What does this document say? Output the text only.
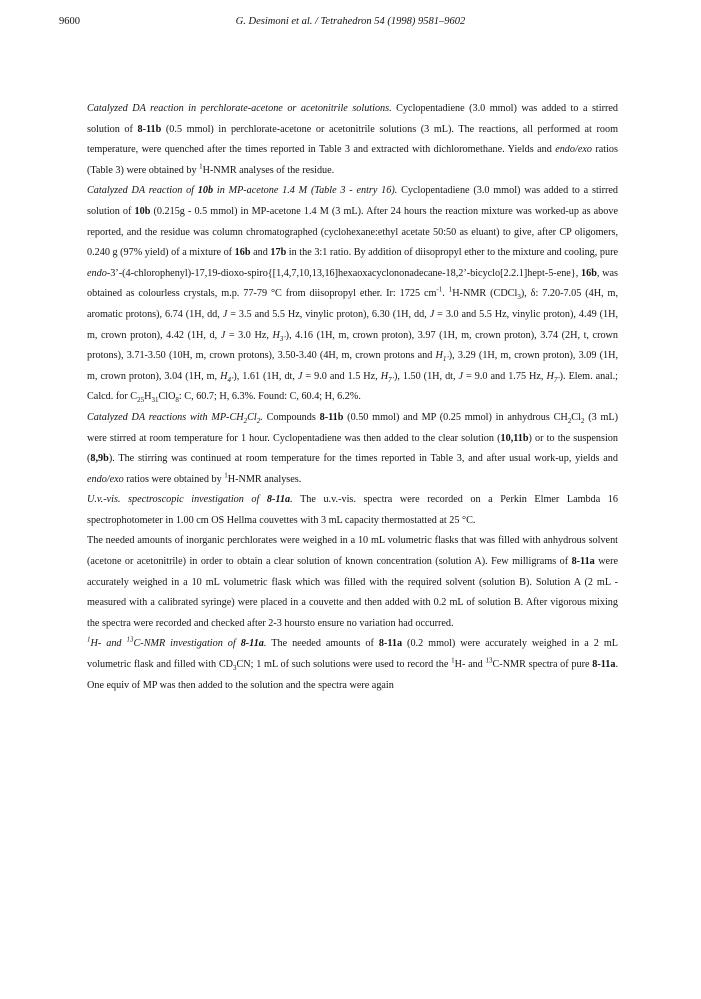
9600	G. Desimoni et al. / Tetrahedron 54 (1998) 9581–9602

Catalyzed DA reaction in perchlorate-acetone or acetonitrile solutions. Cyclopentadiene (3.0 mmol) was added to a stirred solution of 8-11b (0.5 mmol) in perchlorate-acetone or acetonitrile solutions (3 mL). The reactions, all performed at room temperature, were quenched after the times reported in Table 3 and extracted with dichloromethane. Yields and endo/exo ratios (Table 3) were obtained by $^1$H-NMR analyses of the residue.

Catalyzed DA reaction of 10b in MP-acetone 1.4 M (Table 3 - entry 16). Cyclopentadiene (3.0 mmol) was added to a stirred solution of 10b (0.215g - 0.5 mmol) in MP-acetone 1.4 M (3 mL). After 24 hours the reaction mixture was worked-up as above reported, and the residue was column chromatographed (cyclohexane:ethyl acetate 50:50 as eluant) to give, after CP oligomers, 0.240 g (97% yield) of a mixture of 16b and 17b in the 3:1 ratio. By addition of diisopropyl ether to the mixture and cooling, pure endo-3’-(4-chlorophenyl)-17,19-dioxo-spiro{[1,4,7,10,13,16]hexaoxacyclononadecane-18,2’-bicyclo[2.2.1]hept-5-ene}, 16b, was obtained as colourless crystals, m.p. 77-79 °C from diisopropyl ether. Ir: 1725 $cm^{-1}$. $^1$H-NMR (CDCl$_3$), δ: 7.20-7.05 (4H, m, aromatic protons), 6.74 (1H, dd, J = 3.5 and 5.5 Hz, vinylic proton), 6.30 (1H, dd, J = 3.0 and 5.5 Hz, vinylic proton), 4.49 (1H, m, crown proton), 4.42 (1H, d, J = 3.0 Hz, $H_{3’}$), 4.16 (1H, m, crown proton), 3.97 (1H, m, crown proton), 3.74 (2H, t, crown protons), 3.71-3.50 (10H, m, crown protons), 3.50-3.40 (4H, m, crown protons and $H_{1’}$), 3.29 (1H, m, crown proton), 3.09 (1H, m, crown proton), 3.04 (1H, m, $H_{4’}$), 1.61 (1H, dt, J = 9.0 and 1.5 Hz, $H_{7’}$), 1.50 (1H, dt, J = 9.0 and 1.75 Hz, $H_{7’}$). Elem. anal.; Calcd. for $C_{25}H_{31}ClO_8$: C, 60.7; H, 6.3%. Found: C, 60.4; H, 6.2%.

Catalyzed DA reactions with $MP-CH_2Cl_2$. Compounds 8-11b (0.50 mmol) and MP (0.25 mmol) in anhydrous $CH_2Cl_2$ (3 mL) were stirred at room temperature for 1 hour. Cyclopentadiene was then added to the clear solution (10,11b) or to the suspension (8,9b). The stirring was continued at room temperature for the times reported in Table 3, and after usual work-up, yields and endo/exo ratios were obtained by $^1$H-NMR analyses.

U.v.-vis. spectroscopic investigation of 8-11a. The u.v.-vis. spectra were recorded on a Perkin Elmer Lambda 16 spectrophotometer in 1.00 cm OS Hellma couvettes with 3 mL capacity thermostatted at 25 °C.

The needed amounts of inorganic perchlorates were weighed in a 10 mL volumetric flasks that was filled with anhydrous solvent (acetone or acetonitrile) in order to obtain a clear solution of known concentration (solution A). Few milligrams of 8-11a were accurately weighed in a 10 mL volumetric flask which was filled with the required solvent (solution B). Solution A (2 mL - measured with a calibrated syringe) were placed in a couvette and then added with 0.2 mL of solution B. After vigorous mixing the spectra were recorded and checked after 2-3 hoursto ensure no variation had occurred.

$^1$H- and $^{13}$C-NMR investigation of 8-11a. The needed amounts of 8-11a (0.2 mmol) were accurately weighed in a 2 mL volumetric flask and filled with $CD_3CN$; 1 mL of such solutions were used to record the $^1$H- and $^{13}$C-NMR spectra of pure 8-11a. One equiv of MP was then added to the solution and the spectra were again
